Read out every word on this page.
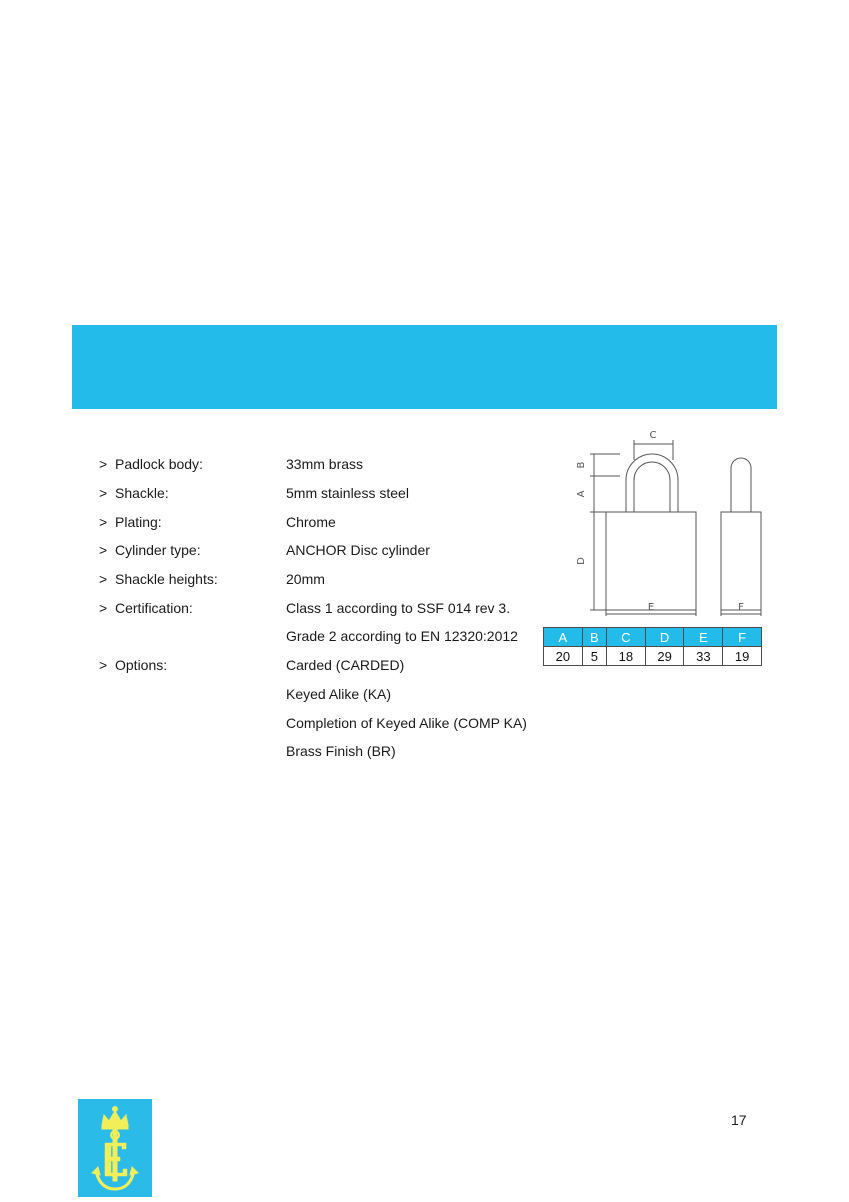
> Padlock body:	33mm brass
> Shackle:	5mm stainless steel
> Plating:	Chrome
> Cylinder type:	ANCHOR Disc cylinder
> Shackle heights:	20mm
> Certification:	Class 1 according to SSF 014 rev 3.
Grade 2 according to EN 12320:2012
> Options:	Carded (CARDED)
Keyed Alike (KA)
Completion of Keyed Alike (COMP KA)
Brass Finish (BR)
C
B
A
D
E	F
A	B	C	D	E	F
20	5	18	29	33	19
17
